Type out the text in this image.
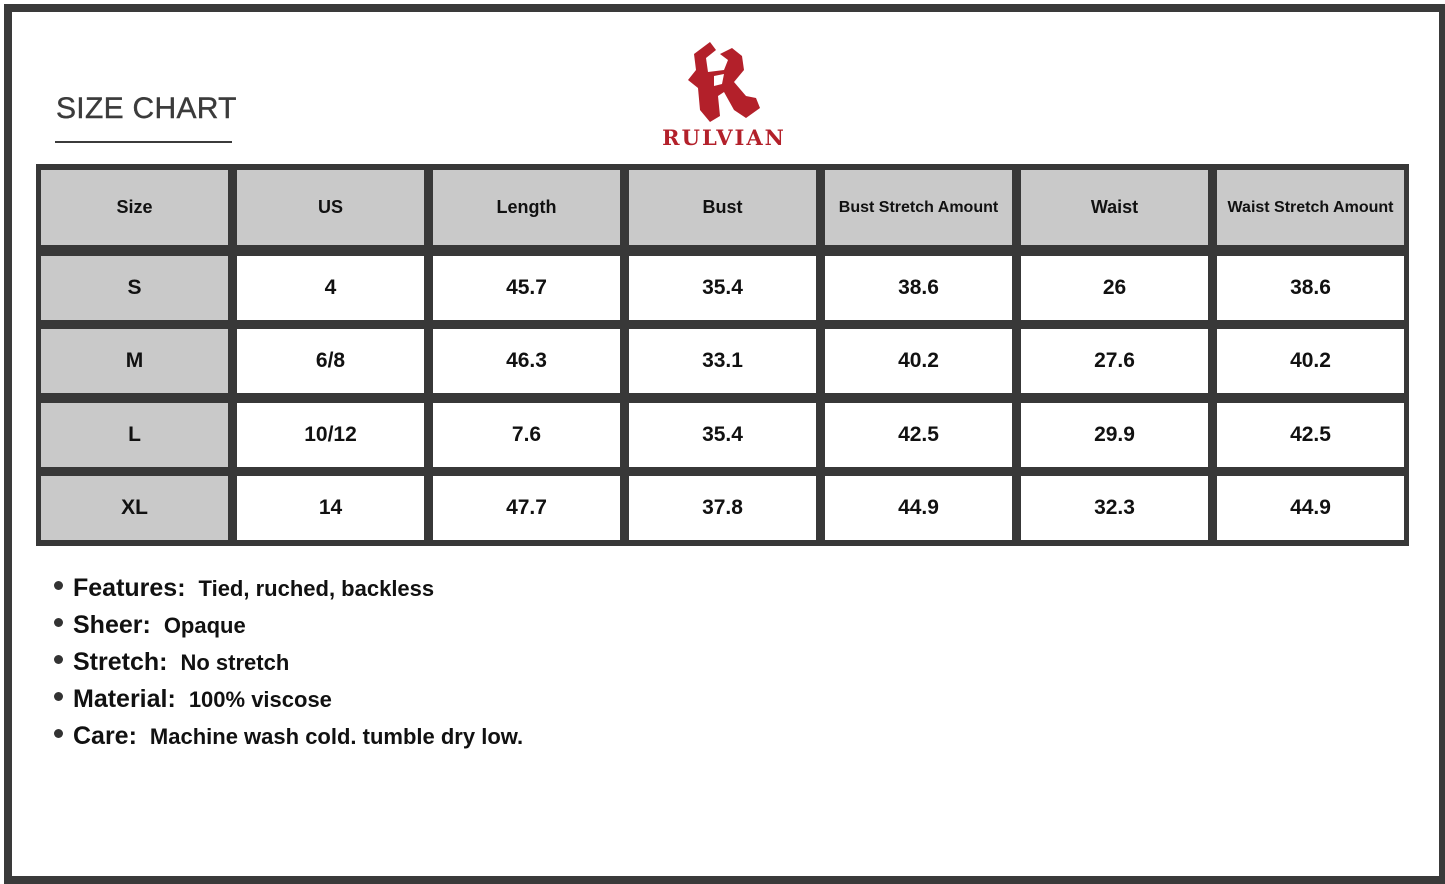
SIZE CHART
RULVIAN
Size	US	Length	Bust	Bust Stretch Amount	Waist	Waist Stretch Amount
S	4	45.7	35.4	38.6	26	38.6
M	6/8	46.3	33.1	40.2	27.6	40.2
L	10/12	7.6	35.4	42.5	29.9	42.5
XL	14	47.7	37.8	44.9	32.3	44.9
Features: Tied, ruched, backless
Sheer: Opaque
Stretch: No stretch
Material: 100% viscose
Care: Machine wash cold. tumble dry low.
